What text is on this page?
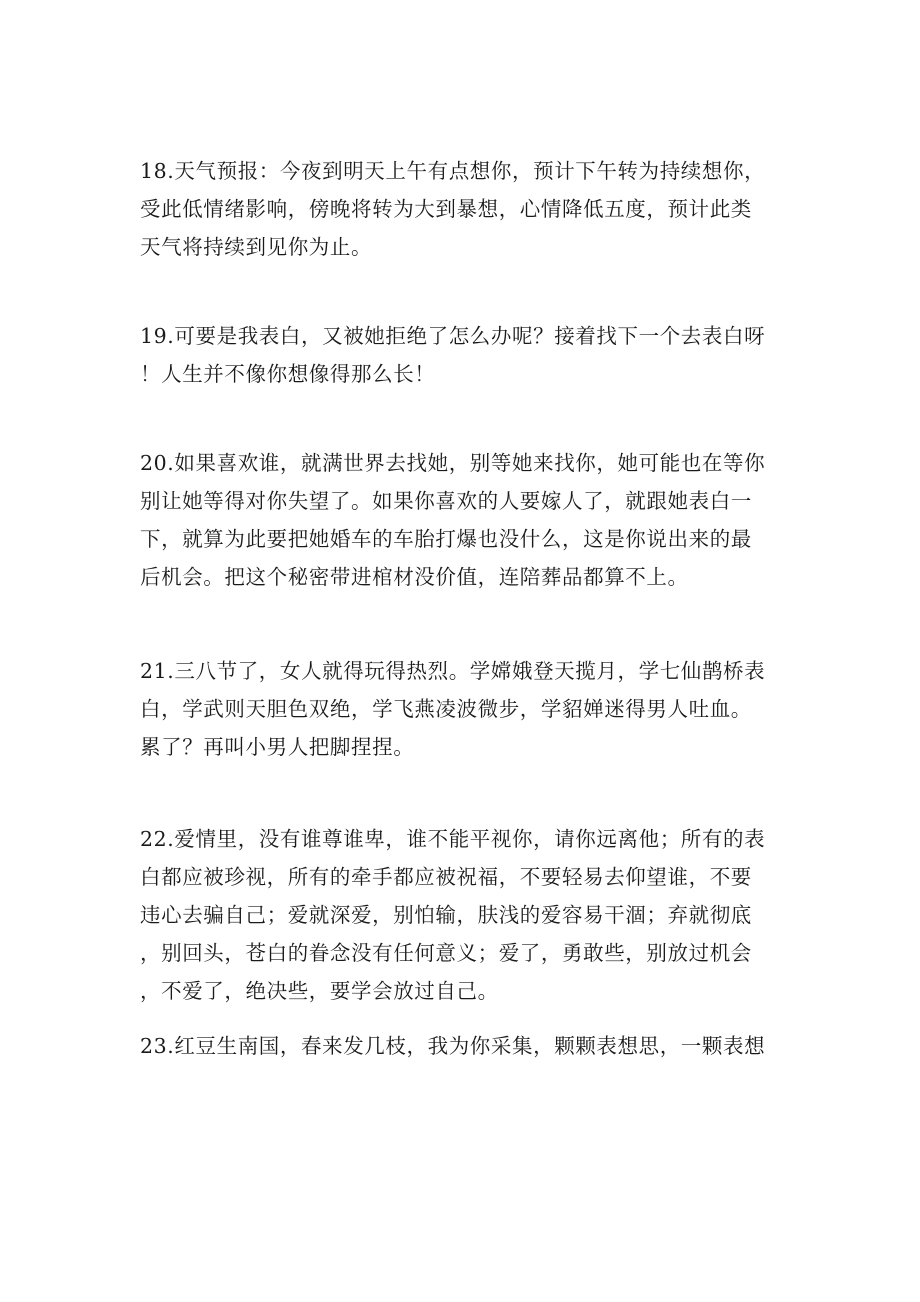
18.天气预报：今夜到明天上午有点想你，预计下午转为持续想你，
受此低情绪影响，傍晚将转为大到暴想，心情降低五度，预计此类
天气将持续到见你为止。

19.可要是我表白，又被她拒绝了怎么办呢？接着找下一个去表白呀
！人生并不像你想像得那么长！

20.如果喜欢谁，就满世界去找她，别等她来找你，她可能也在等你
别让她等得对你失望了。如果你喜欢的人要嫁人了，就跟她表白一
下，就算为此要把她婚车的车胎打爆也没什么，这是你说出来的最
后机会。把这个秘密带进棺材没价值，连陪葬品都算不上。

21.三八节了，女人就得玩得热烈。学嫦娥登天揽月，学七仙鹊桥表
白，学武则天胆色双绝，学飞燕凌波微步，学貂婵迷得男人吐血。
累了？再叫小男人把脚捏捏。

22.爱情里，没有谁尊谁卑，谁不能平视你，请你远离他；所有的表
白都应被珍视，所有的牵手都应被祝福，不要轻易去仰望谁，不要
违心去骗自己；爱就深爱，别怕输，肤浅的爱容易干涸；弃就彻底
，别回头，苍白的眷念没有任何意义；爱了，勇敢些，别放过机会
，不爱了，绝决些，要学会放过自己。

23.红豆生南国，春来发几枝，我为你采集，颗颗表想思，一颗表想
